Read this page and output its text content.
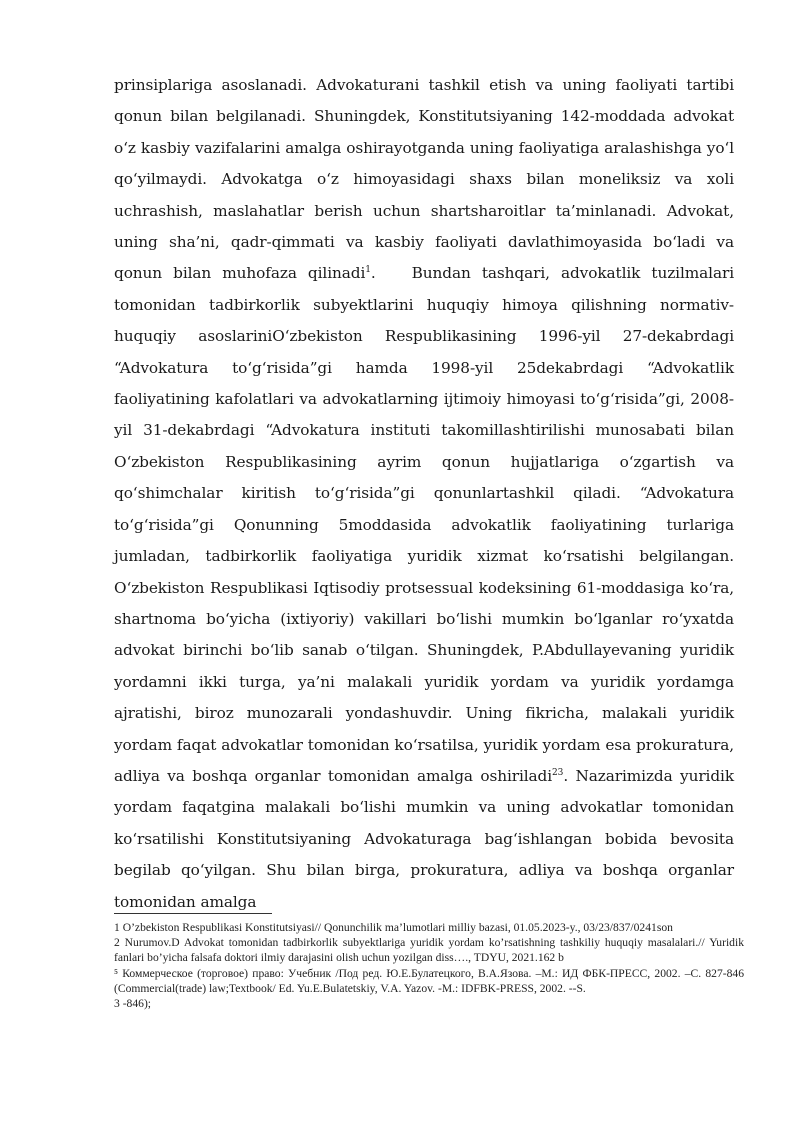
prinsiplariga asoslanadi. Advokaturani tashkil etish va uning faoliyati tartibi qonun bilan belgilanadi. Shuningdek, Konstitutsiyaning 142-moddada advokat o‘z kasbiy vazifalarini amalga oshirayotganda uning faoliyatiga aralashishga yo‘l qo‘yilmaydi. Advokatga o‘z himoyasidagi shaxs bilan moneliksiz va xoli uchrashish, maslahatlar berish uchun shartsharoitlar ta’minlanadi. Advokat, uning sha’ni, qadr-qimmati va kasbiy faoliyati davlathimoyasida bo‘ladi va qonun bilan muhofaza qilinadi$^1$. Bundan tashqari, advokatlik tuzilmalari tomonidan tadbirkorlik subyektlarini huquqiy himoya qilishning normativ-huquqiy asoslariniO‘zbekiston Respublikasining 1996-yil 27-dekabrdagi “Advokatura to‘g‘risida”gi hamda 1998-yil 25dekabrdagi “Advokatlik faoliyatining kafolatlari va advokatlarning ijtimoiy himoyasi to‘g‘risida”gi, 2008-yil 31-dekabrdagi “Advokatura instituti takomillashtirilishi munosabati bilan O‘zbekiston Respublikasining ayrim qonun hujjatlariga o‘zgartish va qo‘shimchalar kiritish to‘g‘risida”gi qonunlartashkil qiladi. “Advokatura to‘g‘risida”gi Qonunning 5moddasida advokatlik faoliyatining turlariga jumladan, tadbirkorlik faoliyatiga yuridik xizmat ko‘rsatishi belgilangan. O‘zbekiston Respublikasi Iqtisodiy protsessual kodeksining 61-moddasiga ko‘ra, shartnoma bo‘yicha (ixtiyoriy) vakillari bo‘lishi mumkin bo‘lganlar ro‘yxatda advokat birinchi bo‘lib sanab o‘tilgan. Shuningdek, P.Abdullayevaning yuridik yordamni ikki turga, ya’ni malakali yuridik yordam va yuridik yordamga ajratishi, biroz munozarali yondashuvdir. Uning fikricha, malakali yuridik yordam faqat advokatlar tomonidan ko‘rsatilsa, yuridik yordam esa prokuratura, adliya va boshqa organlar tomonidan amalga oshiriladi$^{23}$. Nazarimizda yuridik yordam faqatgina malakali bo‘lishi mumkin va uning advokatlar tomonidan ko‘rsatilishi Konstitutsiyaning Advokaturaga bag‘ishlangan bobida bevosita begilab qo‘yilgan. Shu bilan birga, prokuratura, adliya va boshqa organlar tomonidan amalga

1 O’zbekiston Respublikasi Konstitutsiyasi// Qonunchilik ma’lumotlari milliy bazasi, 01.05.2023-y., 03/23/837/0241son

2 Nurumov.D Advokat tomonidan tadbirkorlik subyektlariga yuridik yordam ko’rsatishning tashkiliy huquqiy masalalari.// Yuridik fanlari bo’yicha falsafa doktori ilmiy darajasini olish uchun yozilgan diss…., TDYU, 2021.162 b

⁵ Коммерческое (торговое) право: Учебник /Под ред. Ю.Е.Булатецкого, В.А.Язова. –М.: ИД ФБК-ПРЕСС, 2002. –С. 827-846 (Commercial(trade) law;Textbook/ Ed. Yu.E.Bulatetskiy, V.A. Yazov. -M.: IDFBK-PRESS, 2002. --S.

3 -846);
